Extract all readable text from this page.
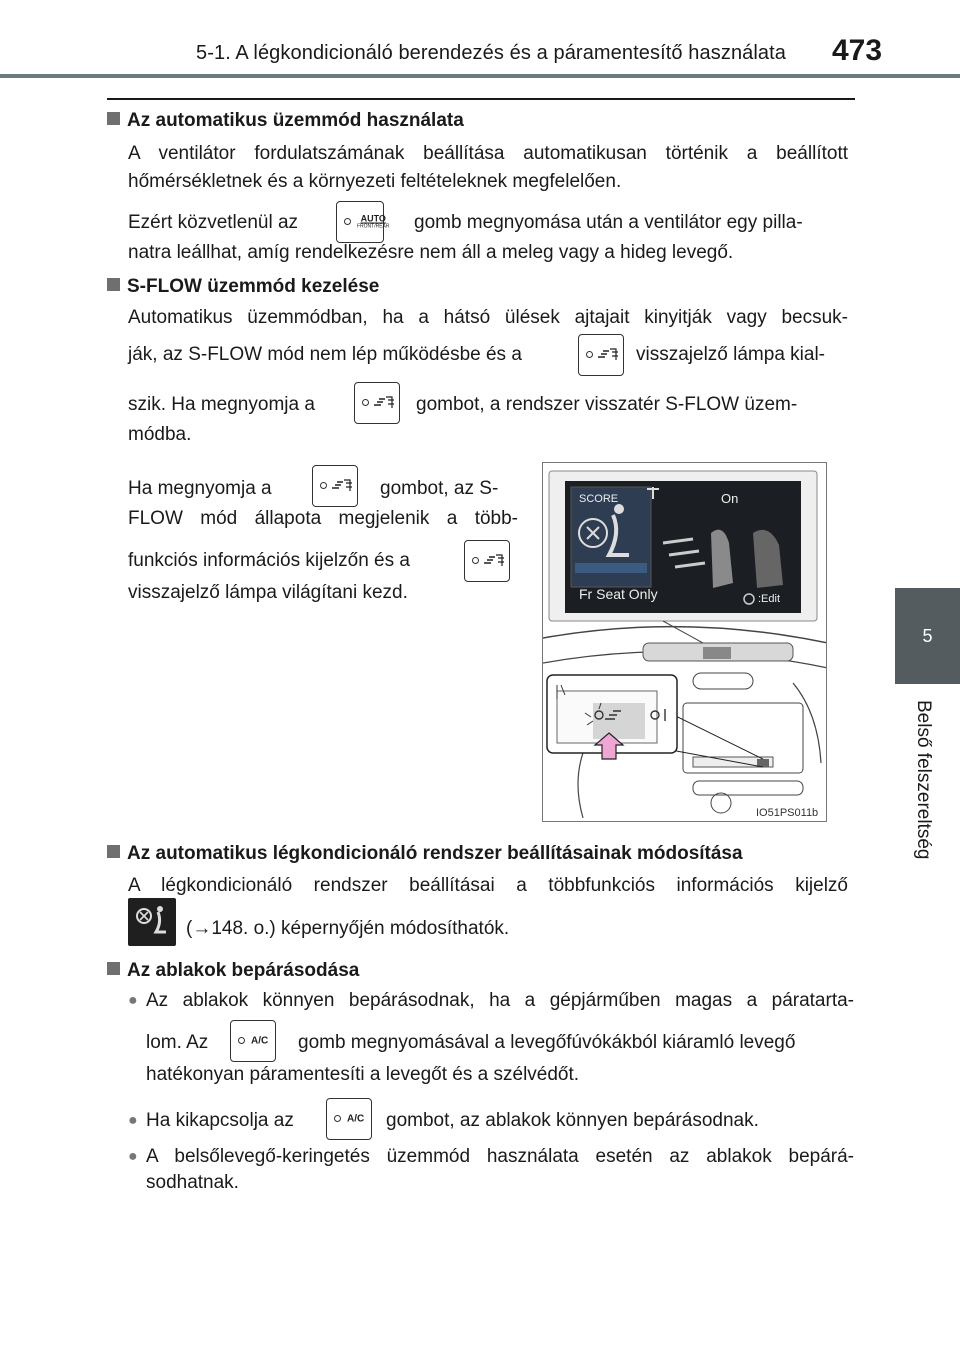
5-1. A légkondicionáló berendezés és a páramentesítő használata 473
5
Belső felszereltség
Az automatikus üzemmód használata
A ventilátor fordulatszámának beállítása automatikusan történik a beállított
hőmérsékletnek és a környezeti feltételeknek megfelelően.
Ezért közvetlenül az	AUTO
FRONT/REAR gomb megnyomása után a ventilátor egy pilla-
natra leállhat, amíg rendelkezésre nem áll a meleg vagy a hideg levegő.
S-FLOW üzemmód kezelése
Automatikus üzemmódban, ha a hátsó ülések ajtajait kinyitják vagy becsuk-
ják, az S-FLOW mód nem lép működésbe és a	visszajelző lámpa kial-
szik. Ha megnyomja a	gombot, a rendszer visszatér S-FLOW üzem-
módba.
Ha megnyomja a	gombot, az S-
FLOW mód állapota megjelenik a több-
funkciós információs kijelzőn és a
visszajelző lámpa világítani kezd.
SCORE	On
Fr Seat Only	:Edit
IO51PS011b
Az automatikus légkondicionáló rendszer beállításainak módosítása
A légkondicionáló rendszer beállításai a többfunkciós információs kijelző
(→148. o.) képernyőjén módosíthatók.
Az ablakok bepárásodása
● Az ablakok könnyen bepárásodnak, ha a gépjárműben magas a páratarta-
lom. Az	A/C gomb megnyomásával a levegőfúvókákból kiáramló levegő
hatékonyan páramentesíti a levegőt és a szélvédőt.
● Ha kikapcsolja az	A/C gombot, az ablakok könnyen bepárásodnak.
● A belsőlevegő-keringetés üzemmód használata esetén az ablakok bepárá-
sodhatnak.
